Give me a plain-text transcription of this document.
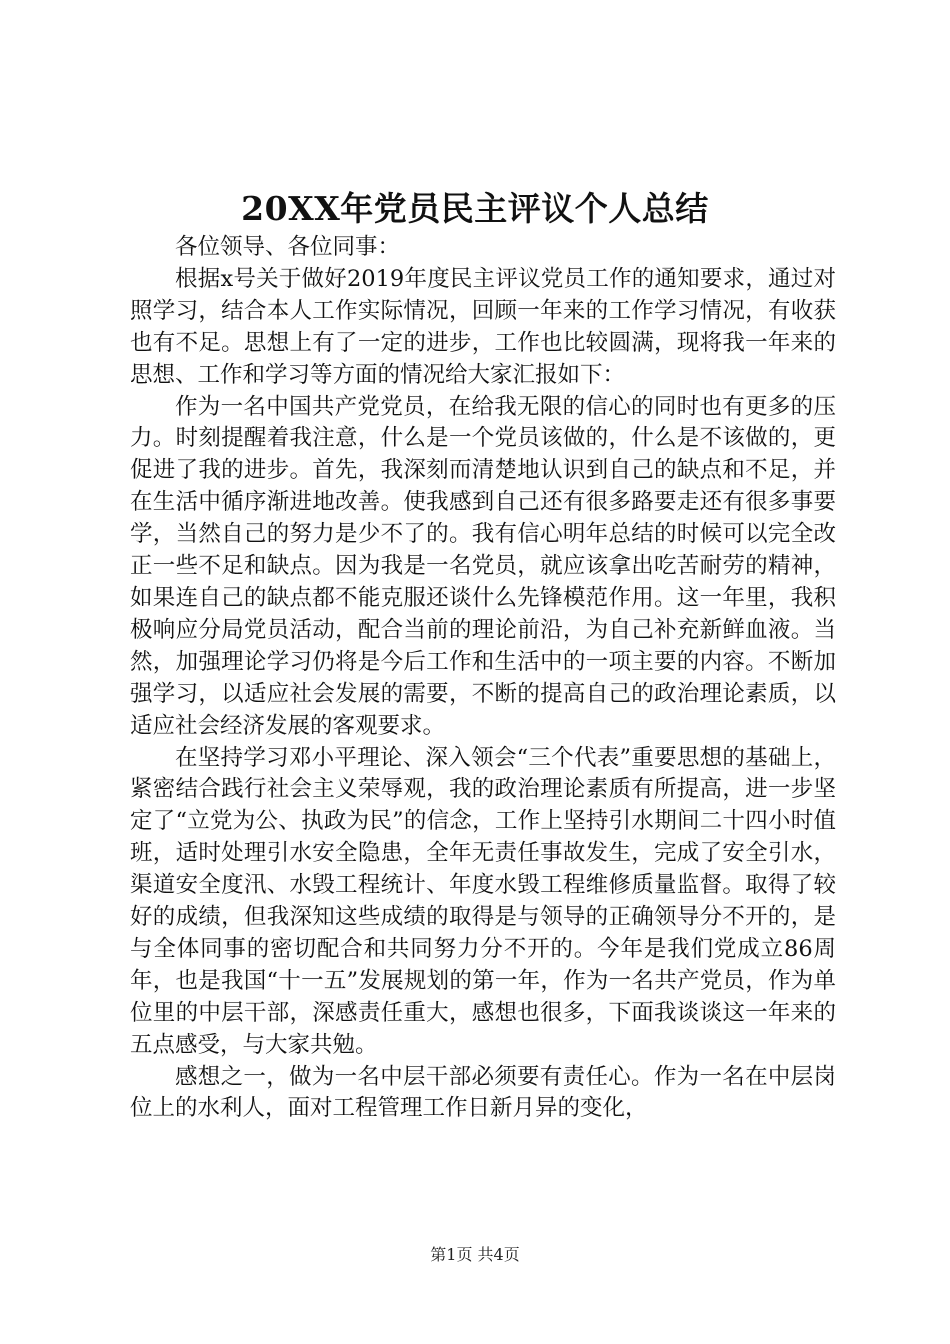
20XX年党员民主评议个人总结

各位领导、各位同事：

根据x号关于做好2019年度民主评议党员工作的通知要求，通过对照学习，结合本人工作实际情况，回顾一年来的工作学习情况，有收获也有不足。思想上有了一定的进步，工作也比较圆满，现将我一年来的思想、工作和学习等方面的情况给大家汇报如下：

作为一名中国共产党党员，在给我无限的信心的同时也有更多的压力。时刻提醒着我注意，什么是一个党员该做的，什么是不该做的，更促进了我的进步。首先，我深刻而清楚地认识到自己的缺点和不足，并在生活中循序渐进地改善。使我感到自己还有很多路要走还有很多事要学，当然自己的努力是少不了的。我有信心明年总结的时候可以完全改正一些不足和缺点。因为我是一名党员，就应该拿出吃苦耐劳的精神，如果连自己的缺点都不能克服还谈什么先锋模范作用。这一年里，我积极响应分局党员活动，配合当前的理论前沿，为自己补充新鲜血液。当然，加强理论学习仍将是今后工作和生活中的一项主要的内容。不断加强学习，以适应社会发展的需要，不断的提高自己的政治理论素质，以适应社会经济发展的客观要求。

在坚持学习邓小平理论、深入领会“三个代表”重要思想的基础上，紧密结合践行社会主义荣辱观，我的政治理论素质有所提高，进一步坚定了“立党为公、执政为民”的信念，工作上坚持引水期间二十四小时值班，适时处理引水安全隐患，全年无责任事故发生，完成了安全引水，渠道安全度汛、水毁工程统计、年度水毁工程维修质量监督。取得了较好的成绩，但我深知这些成绩的取得是与领导的正确领导分不开的，是与全体同事的密切配合和共同努力分不开的。今年是我们党成立86周年，也是我国“十一五”发展规划的第一年，作为一名共产党员，作为单位里的中层干部，深感责任重大，感想也很多，下面我谈谈这一年来的五点感受，与大家共勉。

感想之一，做为一名中层干部必须要有责任心。作为一名在中层岗位上的水利人，面对工程管理工作日新月异的变化，

第1页 共4页
